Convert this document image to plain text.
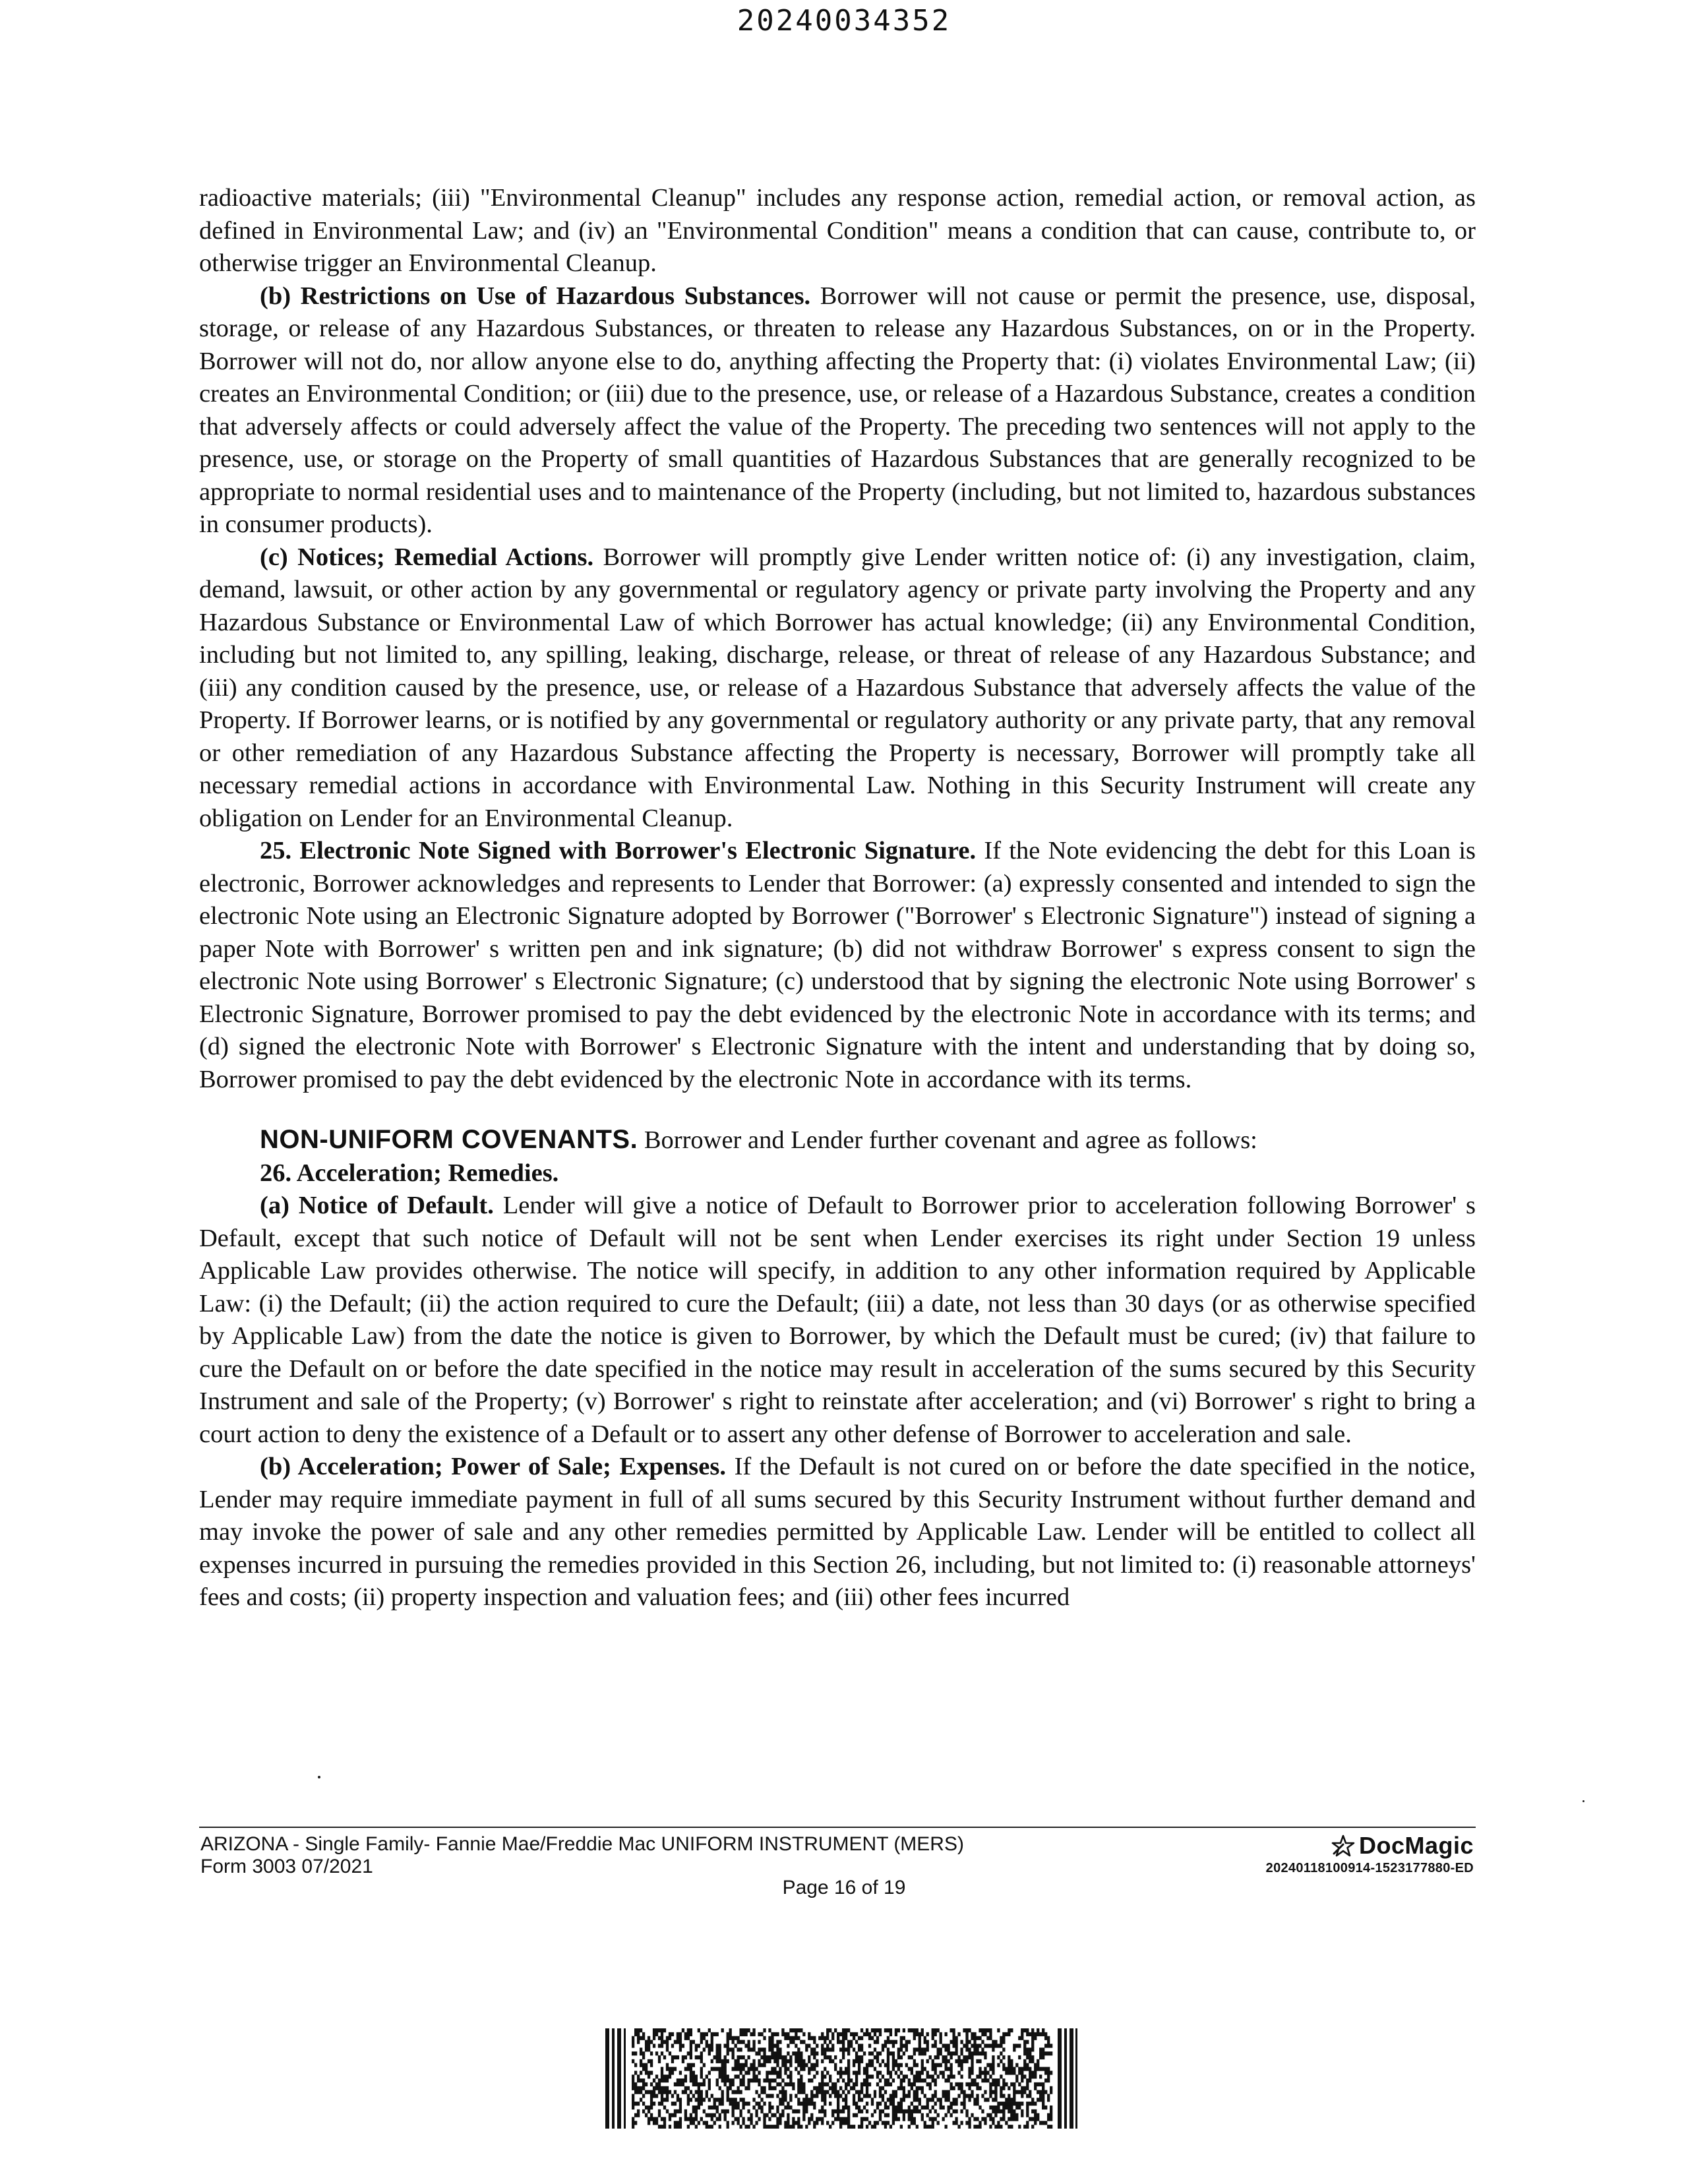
20240034352

radioactive materials; (iii) "Environmental Cleanup" includes any response action, remedial action, or removal action, as defined in Environmental Law; and (iv) an "Environmental Condition" means a condition that can cause, contribute to, or otherwise trigger an Environmental Cleanup.

(b) Restrictions on Use of Hazardous Substances. Borrower will not cause or permit the presence, use, disposal, storage, or release of any Hazardous Substances, or threaten to release any Hazardous Substances, on or in the Property. Borrower will not do, nor allow anyone else to do, anything affecting the Property that: (i) violates Environmental Law; (ii) creates an Environmental Condition; or (iii) due to the presence, use, or release of a Hazardous Substance, creates a condition that adversely affects or could adversely affect the value of the Property. The preceding two sentences will not apply to the presence, use, or storage on the Property of small quantities of Hazardous Substances that are generally recognized to be appropriate to normal residential uses and to maintenance of the Property (including, but not limited to, hazardous substances in consumer products).

(c) Notices; Remedial Actions. Borrower will promptly give Lender written notice of: (i) any investigation, claim, demand, lawsuit, or other action by any governmental or regulatory agency or private party involving the Property and any Hazardous Substance or Environmental Law of which Borrower has actual knowledge; (ii) any Environmental Condition, including but not limited to, any spilling, leaking, discharge, release, or threat of release of any Hazardous Substance; and (iii) any condition caused by the presence, use, or release of a Hazardous Substance that adversely affects the value of the Property. If Borrower learns, or is notified by any governmental or regulatory authority or any private party, that any removal or other remediation of any Hazardous Substance affecting the Property is necessary, Borrower will promptly take all necessary remedial actions in accordance with Environmental Law. Nothing in this Security Instrument will create any obligation on Lender for an Environmental Cleanup.

25. Electronic Note Signed with Borrower's Electronic Signature. If the Note evidencing the debt for this Loan is electronic, Borrower acknowledges and represents to Lender that Borrower: (a) expressly consented and intended to sign the electronic Note using an Electronic Signature adopted by Borrower ("Borrower' s Electronic Signature") instead of signing a paper Note with Borrower' s written pen and ink signature; (b) did not withdraw Borrower' s express consent to sign the electronic Note using Borrower' s Electronic Signature; (c) understood that by signing the electronic Note using Borrower' s Electronic Signature, Borrower promised to pay the debt evidenced by the electronic Note in accordance with its terms; and (d) signed the electronic Note with Borrower' s Electronic Signature with the intent and understanding that by doing so, Borrower promised to pay the debt evidenced by the electronic Note in accordance with its terms.

NON-UNIFORM COVENANTS. Borrower and Lender further covenant and agree as follows:

26. Acceleration; Remedies.

(a) Notice of Default. Lender will give a notice of Default to Borrower prior to acceleration following Borrower' s Default, except that such notice of Default will not be sent when Lender exercises its right under Section 19 unless Applicable Law provides otherwise. The notice will specify, in addition to any other information required by Applicable Law: (i) the Default; (ii) the action required to cure the Default; (iii) a date, not less than 30 days (or as otherwise specified by Applicable Law) from the date the notice is given to Borrower, by which the Default must be cured; (iv) that failure to cure the Default on or before the date specified in the notice may result in acceleration of the sums secured by this Security Instrument and sale of the Property; (v) Borrower' s right to reinstate after acceleration; and (vi) Borrower' s right to bring a court action to deny the existence of a Default or to assert any other defense of Borrower to acceleration and sale.

(b) Acceleration; Power of Sale; Expenses. If the Default is not cured on or before the date specified in the notice, Lender may require immediate payment in full of all sums secured by this Security Instrument without further demand and may invoke the power of sale and any other remedies permitted by Applicable Law. Lender will be entitled to collect all expenses incurred in pursuing the remedies provided in this Section 26, including, but not limited to: (i) reasonable attorneys' fees and costs; (ii) property inspection and valuation fees; and (iii) other fees incurred

ARIZONA - Single Family- Fannie Mae/Freddie Mac UNIFORM INSTRUMENT (MERS)
Form 3003 07/2021
Page 16 of 19
DocMagic
20240118100914-1523177880-ED
